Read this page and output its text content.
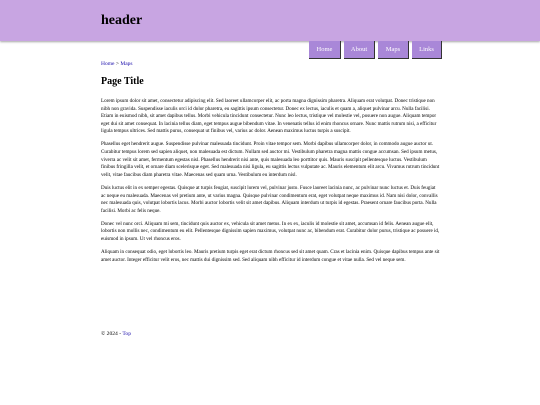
header
Home	About	Maps	Links
Home > Maps
Page Title

Lorem ipsum dolor sit amet, consectetur adipiscing elit. Sed laoreet ullamcorper elit, ac porta magna dignissim pharetra. Aliquam erat volutpat. Donec tristique non nibh non gravida. Suspendisse iaculis orci id dolor pharetra, eu sagittis ipsum consectetur. Donec ex lectus, iaculis et quam a, aliquet pulvinar arcu. Nulla facilisi. Etiam in euismod nibh, sit amet dapibus tellus. Morbi vehicula tincidunt consectetur. Nunc leo lectus, tristique vel molestie vel, posuere non augue. Aliquam tempor eget dui sit amet consequat. In lacinia tellus diam, eget tempus augue bibendum vitae. In venenatis tellus id enim rhoncus ornare. Nunc mattis rutrum nisi, a efficitur ligula tempus ultrices. Sed mattis purus, consequat ut finibus vel, varius ac dolor. Aenean maximus luctus turpis a suscipit.

Phasellus eget hendrerit augue. Suspendisse pulvinar malesuada tincidunt. Proin vitae tempor sem. Morbi dapibus ullamcorper dolor, in commodo augue auctor ut. Curabitur tempus lorem sed sapien aliquet, non malesuada est dictum. Nullam sed auctor mi. Vestibulum pharetra magna mattis congue accumsan. Sed ipsum metus, viverra ac velit sit amet, fermentum egestas nisl. Phasellus hendrerit nisi ante, quis malesuada leo porttitor quis. Mauris suscipit pellentesque luctus. Vestibulum finibus fringilla velit, et ornare diam scelerisque eget. Sed malesuada nisi ligula, eu sagittis lectus vulputate ac. Mauris elementum elit arcu. Vivamus rutrum tincidunt velit, vitae faucibus diam pharetra vitae. Maecenas sed quam urna. Vestibulum eu interdum nisl.

Duis luctus elit in ex semper egestas. Quisque at turpis feugiat, suscipit lorem vel, pulvinar justo. Fusce laoreet lacinia nunc, ac pulvinar nunc luctus et. Duis feugiat ac neque eu malesuada. Maecenas vel pretium ante, ut varius magna. Quisque pulvinar condimentum erat, eget volutpat neque maximus id. Nam nisi dolor, convallis nec malesuada quis, volutpat lobortis lacus. Morbi auctor lobortis velit sit amet dapibus. Aliquam interdum ut turpis id egestas. Praesent ornare faucibus porta. Nulla facilisi. Morbi ac felis neque.

Donec vel nunc orci. Aliquam mi sem, tincidunt quis auctor ex, vehicula sit amet metus. In ex ex, iaculis id molestie sit amet, accumsan id felis. Aenean augue elit, lobortis non mollis nec, condimentum eu elit. Pellentesque dignissim sapien maximus, volutpat nunc ac, bibendum erat. Curabitur dolor purus, tristique ac posuere id, euismod in ipsum. Ut vel rhoncus eros.

Aliquam in consequat odio, eget lobortis leo. Mauris pretium turpis eget erat dictum rhoncus sed sit amet quam. Cras et lacinia enim. Quisque dapibus tempus ante sit amet auctor. Integer efficitur velit eros, nec mattis dui dignissim sed. Sed aliquam nibh efficitur id interdum congue et vitae nulla. Sed vel neque sem.

© 2024 - Top
